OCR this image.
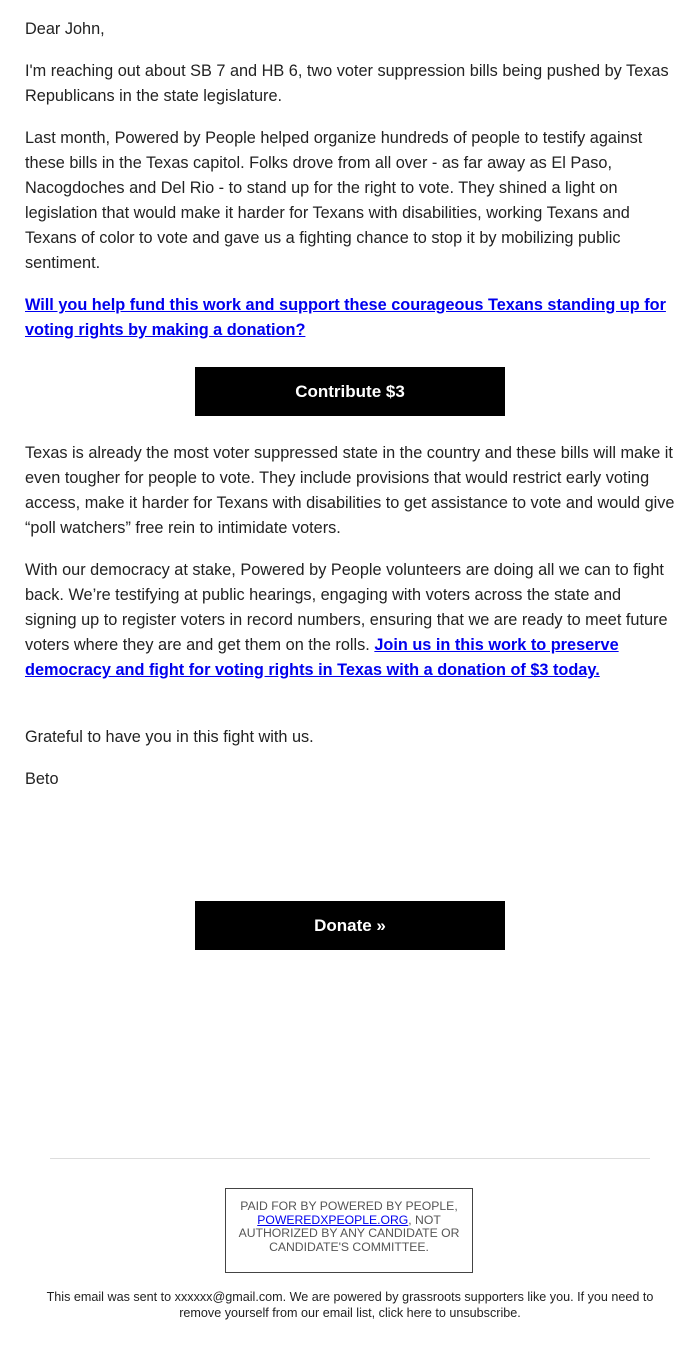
Dear John,

I'm reaching out about SB 7 and HB 6, two voter suppression bills being pushed by Texas Republicans in the state legislature.

Last month, Powered by People helped organize hundreds of people to testify against these bills in the Texas capitol. Folks drove from all over - as far away as El Paso, Nacogdoches and Del Rio - to stand up for the right to vote. They shined a light on legislation that would make it harder for Texans with disabilities, working Texans and Texans of color to vote and gave us a fighting chance to stop it by mobilizing public sentiment.

Will you help fund this work and support these courageous Texans standing up for voting rights by making a donation?

Contribute $3

Texas is already the most voter suppressed state in the country and these bills will make it even tougher for people to vote. They include provisions that would restrict early voting access, make it harder for Texans with disabilities to get assistance to vote and would give “poll watchers” free rein to intimidate voters.

With our democracy at stake, Powered by People volunteers are doing all we can to fight back. We’re testifying at public hearings, engaging with voters across the state and signing up to register voters in record numbers, ensuring that we are ready to meet future voters where they are and get them on the rolls. Join us in this work to preserve democracy and fight for voting rights in Texas with a donation of $3 today.

Grateful to have you in this fight with us.

Beto

Donate »
PAID FOR BY POWERED BY PEOPLE, POWEREDXPEOPLE.ORG, NOT AUTHORIZED BY ANY CANDIDATE OR CANDIDATE'S COMMITTEE.
This email was sent to xxxxxx@gmail.com. We are powered by grassroots supporters like you. If you need to remove yourself from our email list, click here to unsubscribe.
